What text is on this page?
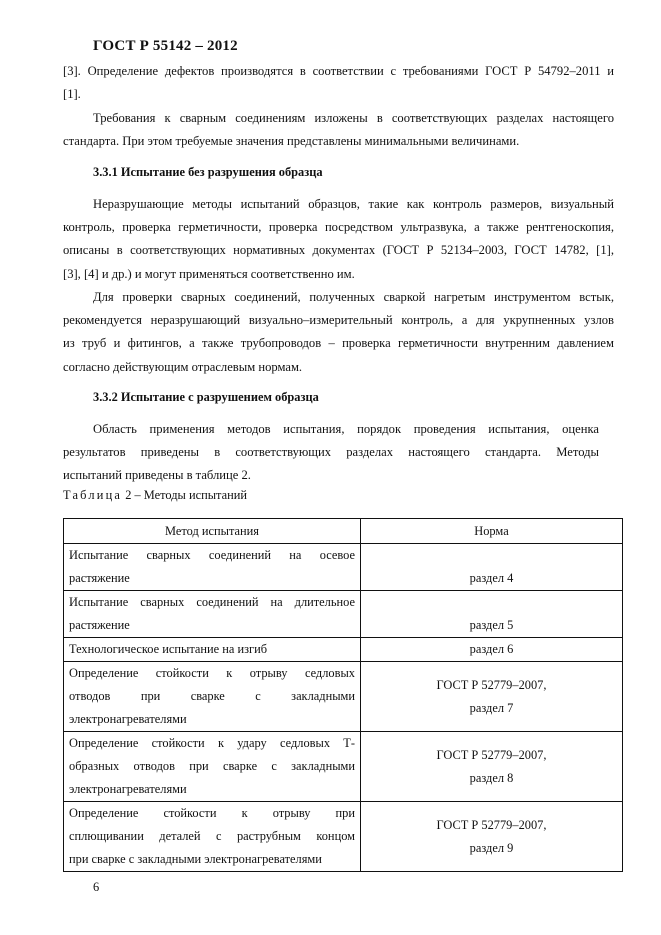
ГОСТ Р 55142 – 2012
[3]. Определение дефектов производятся в соответствии с требованиями ГОСТ Р 54792–2011 и
[1].
Требования к сварным соединениям изложены в соответствующих разделах настоящего
стандарта. При этом требуемые значения представлены минимальными величинами.
3.3.1 Испытание без разрушения образца
Неразрушающие методы испытаний образцов, такие как контроль размеров, визуальный
контроль, проверка герметичности, проверка посредством ультразвука, а также рентгеноскопия,
описаны в соответствующих нормативных документах (ГОСТ Р 52134–2003, ГОСТ 14782, [1],
[3], [4] и др.) и могут применяться соответственно им.
Для проверки сварных соединений, полученных сваркой нагретым инструментом встык,
рекомендуется неразрушающий визуально–измерительный контроль, а для укрупненных узлов
из труб и фитингов, а также трубопроводов – проверка герметичности внутренним давлением
согласно действующим отраслевым нормам.
3.3.2 Испытание с разрушением образца
Область применения методов испытания, порядок проведения испытания, оценка
результатов приведены в соответствующих разделах настоящего стандарта. Методы
испытаний приведены в таблице 2.
Таблица 2 – Методы испытаний
Метод испытания	Норма

Испытание сварных соединений на осевое
растяжение	раздел 4

Испытание сварных соединений на длительное
растяжение	раздел 5

Технологическое испытание на изгиб	раздел 6

Определение стойкости к отрыву седловых
отводов при сварке с закладными
электронагревателями	ГОСТ Р 52779–2007,
раздел 7

Определение стойкости к удару седловых Т-
образных отводов при сварке с закладными
электронагревателями	ГОСТ Р 52779–2007,
раздел 8

Определение стойкости к отрыву при
сплющивании деталей с раструбным концом
при сварке с закладными электронагревателями	ГОСТ Р 52779–2007,
раздел 9
6
